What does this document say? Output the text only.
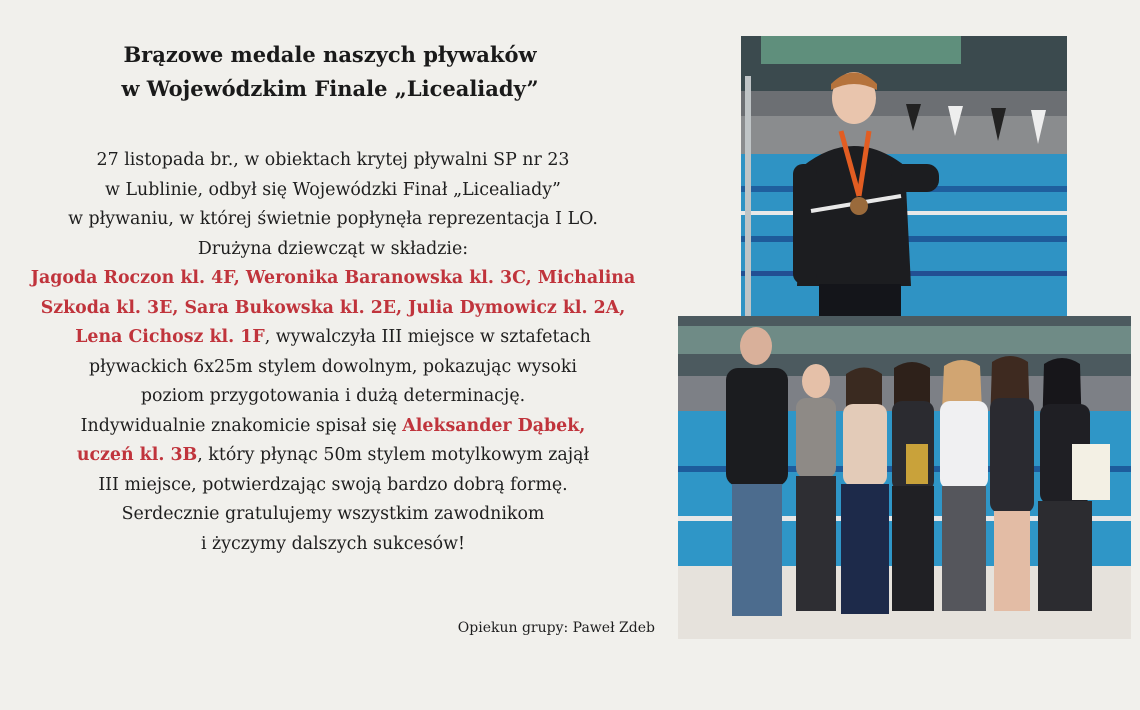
Brązowe medale naszych pływaków
w Wojewódzkim Finale „Licealiady”
27 listopada br., w obiektach krytej pływalni SP nr 23
w Lublinie, odbył się Wojewódzki Finał „Licealiady”
w pływaniu, w której świetnie popłynęła reprezentacja I LO.
Drużyna dziewcząt w składzie:
Jagoda Roczon kl. 4F, Weronika Baranowska kl. 3C, Michalina
Szkoda kl. 3E, Sara Bukowska kl. 2E, Julia Dymowicz kl. 2A,
Lena Cichosz kl. 1F, wywalczyła III miejsce w sztafetach
pływackich 6x25m stylem dowolnym, pokazując wysoki
poziom przygotowania i dużą determinację.
Indywidualnie znakomicie spisał się Aleksander Dąbek,
uczeń kl. 3B, który płynąc 50m stylem motylkowym zajął
III miejsce, potwierdzając swoją bardzo dobrą formę.
Serdecznie gratulujemy wszystkim zawodnikom
i życzymy dalszych sukcesów!
Opiekun grupy: Paweł Zdeb
